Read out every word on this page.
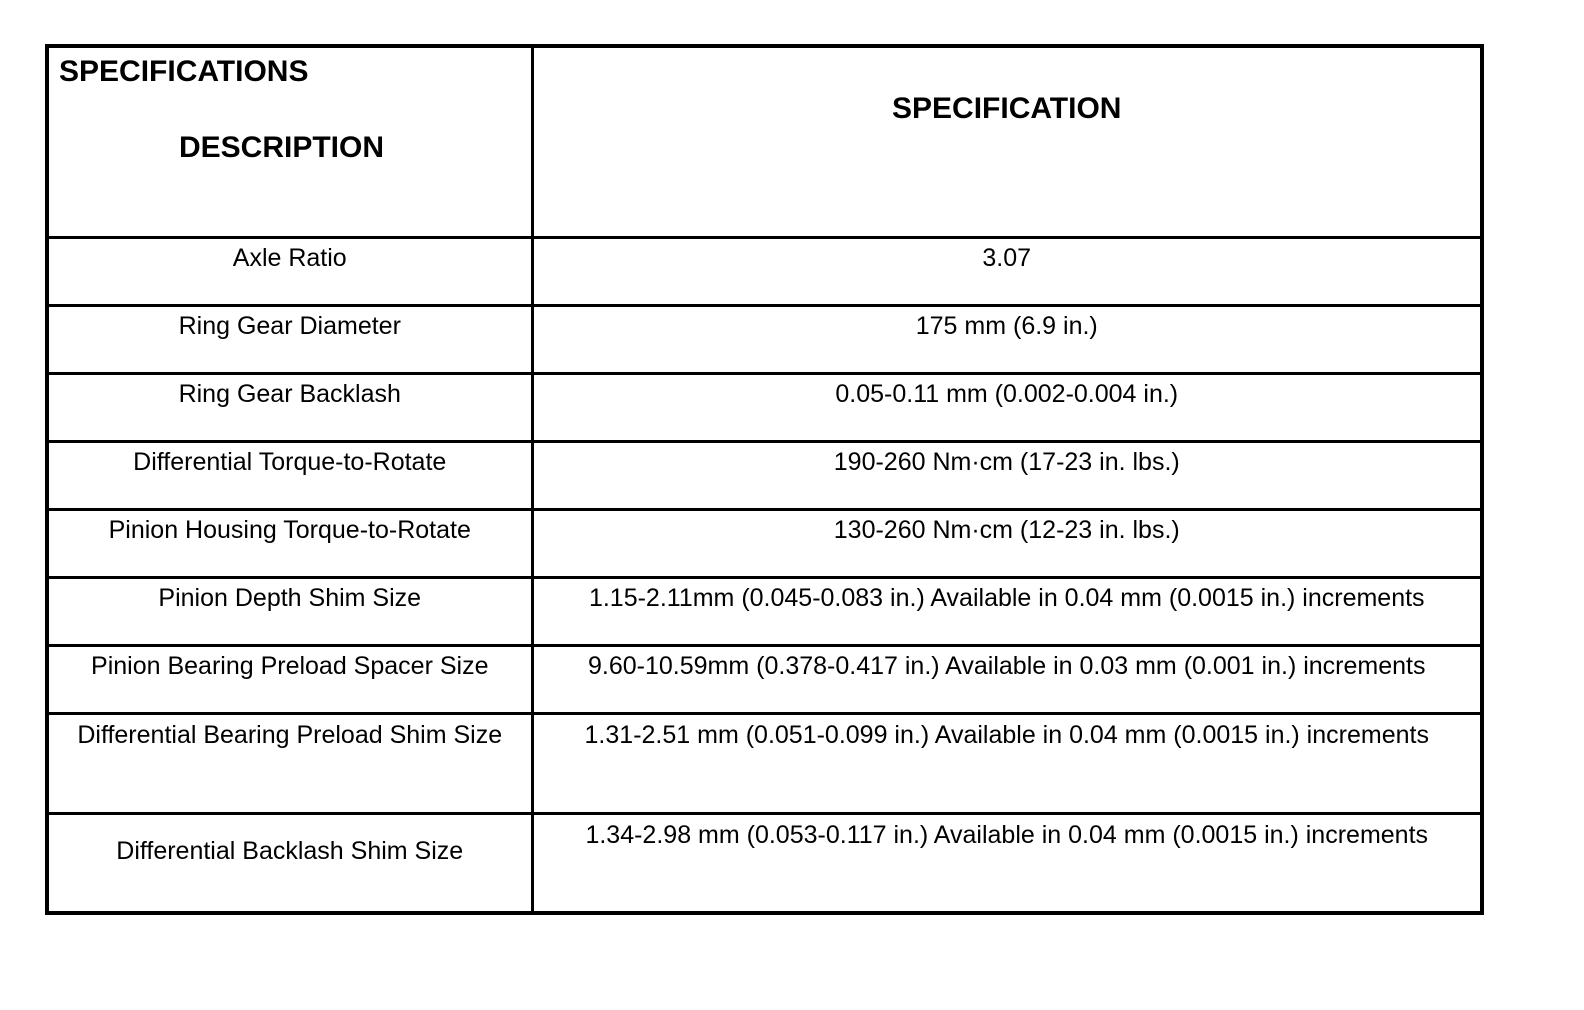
SPECIFICATIONS
DESCRIPTION	SPECIFICATION

Axle Ratio	3.07

Ring Gear Diameter	175 mm (6.9 in.)

Ring Gear Backlash	0.05-0.11 mm (0.002-0.004 in.)

Differential Torque-to-Rotate	190-260 Nm·cm (17-23 in. lbs.)

Pinion Housing Torque-to-Rotate	130-260 Nm·cm (12-23 in. lbs.)

Pinion Depth Shim Size	1.15-2.11mm (0.045-0.083 in.) Available in 0.04 mm (0.0015 in.) increments

Pinion Bearing Preload Spacer Size	9.60-10.59mm (0.378-0.417 in.) Available in 0.03 mm (0.001 in.) increments

Differential Bearing Preload Shim Size	1.31-2.51 mm (0.051-0.099 in.) Available in 0.04 mm (0.0015 in.) increments

Differential Backlash Shim Size	1.34-2.98 mm (0.053-0.117 in.) Available in 0.04 mm (0.0015 in.) increments
